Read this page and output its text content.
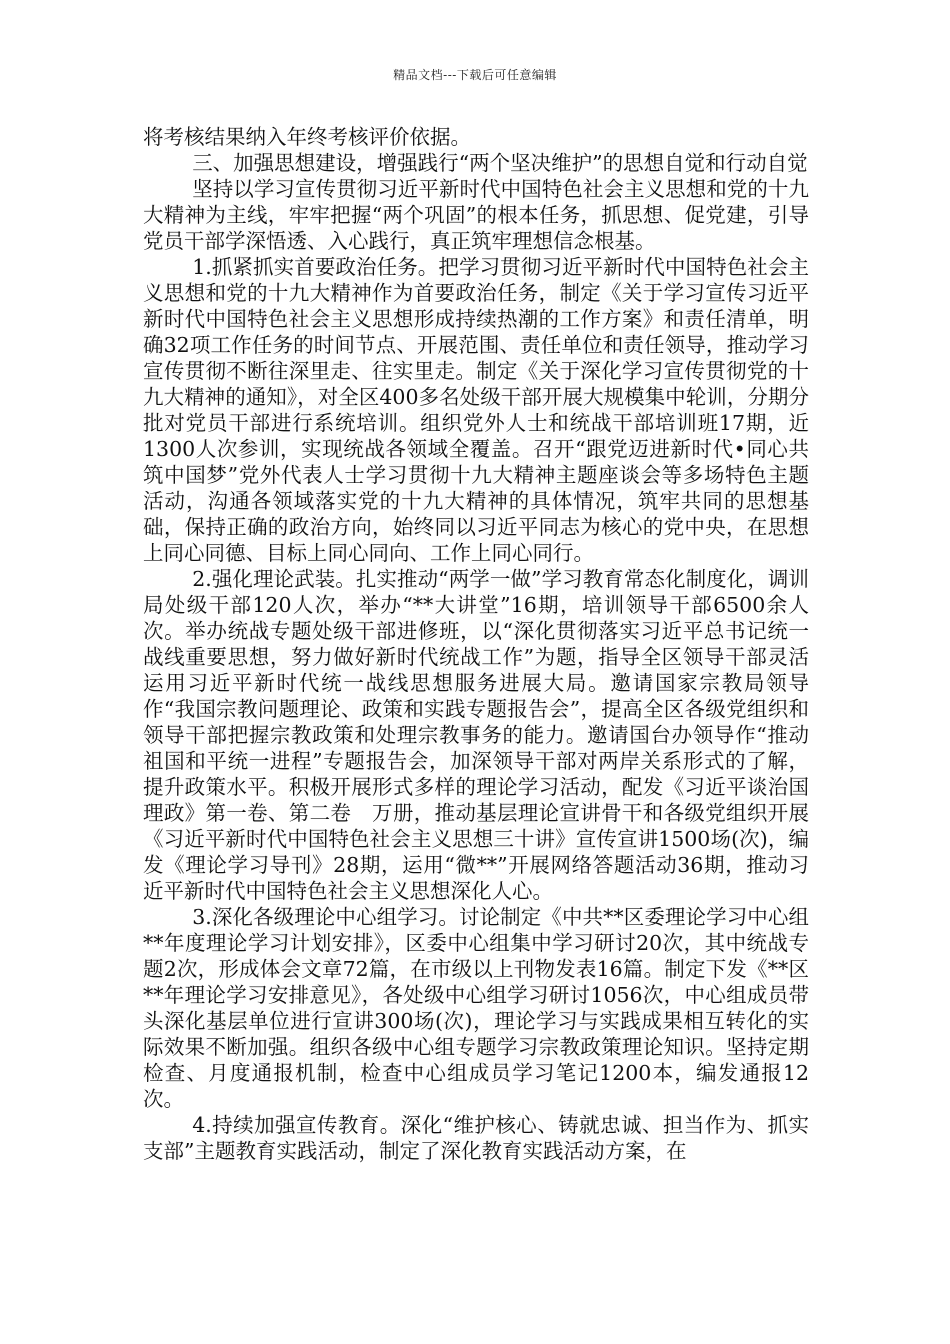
精品文档---下载后可任意编辑

将考核结果纳入年终考核评价依据。

三、加强思想建设，增强践行“两个坚决维护”的思想自觉和行动自觉

坚持以学习宣传贯彻习近平新时代中国特色社会主义思想和党的十九大精神为主线，牢牢把握“两个巩固”的根本任务，抓思想、促党建，引导党员干部学深悟透、入心践行，真正筑牢理想信念根基。

1.抓紧抓实首要政治任务。把学习贯彻习近平新时代中国特色社会主义思想和党的十九大精神作为首要政治任务，制定《关于学习宣传习近平新时代中国特色社会主义思想形成持续热潮的工作方案》和责任清单，明确32项工作任务的时间节点、开展范围、责任单位和责任领导，推动学习宣传贯彻不断往深里走、往实里走。制定《关于深化学习宣传贯彻党的十九大精神的通知》，对全区400多名处级干部开展大规模集中轮训，分期分批对党员干部进行系统培训。组织党外人士和统战干部培训班17期，近1300人次参训，实现统战各领域全覆盖。召开“跟党迈进新时代•同心共筑中国梦”党外代表人士学习贯彻十九大精神主题座谈会等多场特色主题活动，沟通各领域落实党的十九大精神的具体情况，筑牢共同的思想基础，保持正确的政治方向，始终同以习近平同志为核心的党中央，在思想上同心同德、目标上同心同向、工作上同心同行。

2.强化理论武装。扎实推动“两学一做”学习教育常态化制度化，调训局处级干部120人次，举办“**大讲堂”16期，培训领导干部6500余人次。举办统战专题处级干部进修班，以“深化贯彻落实习近平总书记统一战线重要思想，努力做好新时代统战工作”为题，指导全区领导干部灵活运用习近平新时代统一战线思想服务进展大局。邀请国家宗教局领导作“我国宗教问题理论、政策和实践专题报告会”，提高全区各级党组织和领导干部把握宗教政策和处理宗教事务的能力。邀请国台办领导作“推动祖国和平统一进程”专题报告会，加深领导干部对两岸关系形式的了解，提升政策水平。积极开展形式多样的理论学习活动，配发《习近平谈治国理政》第一卷、第二卷　万册，推动基层理论宣讲骨干和各级党组织开展《习近平新时代中国特色社会主义思想三十讲》宣传宣讲1500场(次)，编发《理论学习导刊》28期，运用“微**”开展网络答题活动36期，推动习近平新时代中国特色社会主义思想深化人心。

3.深化各级理论中心组学习。讨论制定《中共**区委理论学习中心组**年度理论学习计划安排》，区委中心组集中学习研讨20次，其中统战专题2次，形成体会文章72篇，在市级以上刊物发表16篇。制定下发《**区**年理论学习安排意见》，各处级中心组学习研讨1056次，中心组成员带头深化基层单位进行宣讲300场(次)，理论学习与实践成果相互转化的实际效果不断加强。组织各级中心组专题学习宗教政策理论知识。坚持定期检查、月度通报机制，检查中心组成员学习笔记1200本，编发通报12次。

4.持续加强宣传教育。深化“维护核心、铸就忠诚、担当作为、抓实支部”主题教育实践活动，制定了深化教育实践活动方案，在
